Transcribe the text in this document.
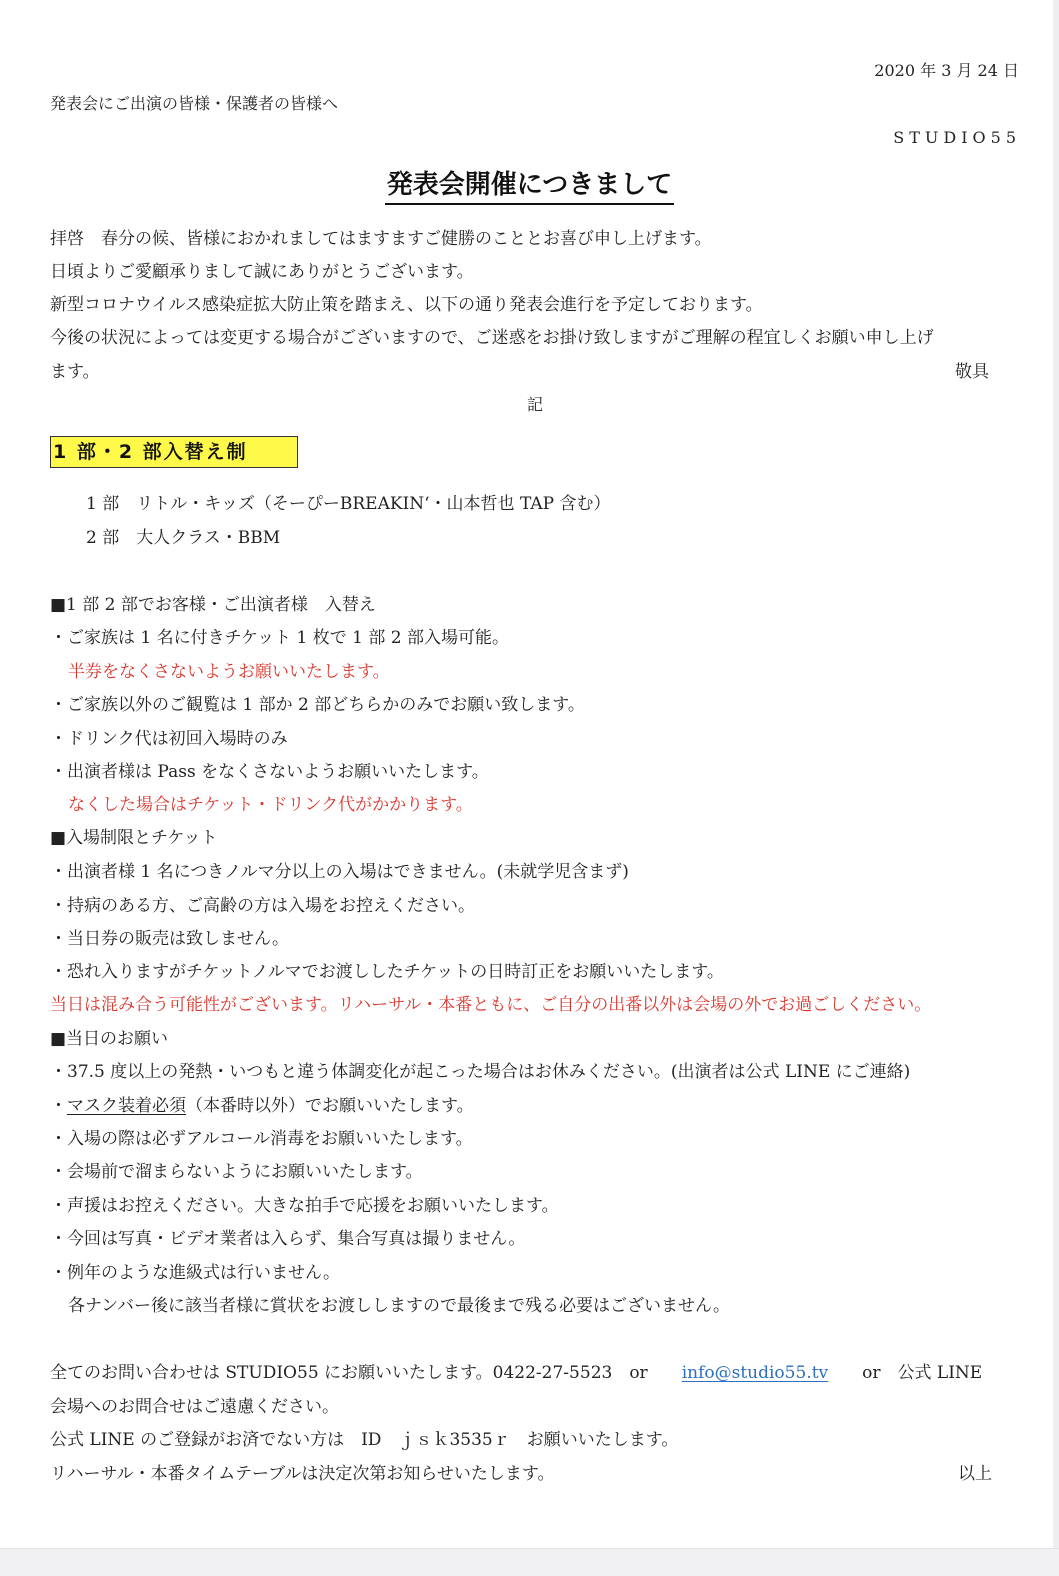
2020 年 3 月 24 日
発表会にご出演の皆様・保護者の皆様へ
STUDIO55
発表会開催につきまして
拝啓　春分の候、皆様におかれましてはますますご健勝のこととお喜び申し上げます。
日頃よりご愛顧承りまして誠にありがとうございます。
新型コロナウイルス感染症拡大防止策を踏まえ、以下の通り発表会進行を予定しております。
今後の状況によっては変更する場合がございますので、ご迷惑をお掛け致しますがご理解の程宜しくお願い申し上げ
ます。	敬具
記
1 部・2 部入替え制
1 部　リトル・キッズ（そーぴーBREAKIN‘・山本哲也 TAP 含む）
2 部　大人クラス・BBM
■1 部 2 部でお客様・ご出演者様　入替え
・ご家族は 1 名に付きチケット 1 枚で 1 部 2 部入場可能。
半券をなくさないようお願いいたします。
・ご家族以外のご観覧は 1 部か 2 部どちらかのみでお願い致します。
・ドリンク代は初回入場時のみ
・出演者様は Pass をなくさないようお願いいたします。
なくした場合はチケット・ドリンク代がかかります。
■入場制限とチケット
・出演者様 1 名につきノルマ分以上の入場はできません。(未就学児含まず)
・持病のある方、ご高齢の方は入場をお控えください。
・当日券の販売は致しません。
・恐れ入りますがチケットノルマでお渡ししたチケットの日時訂正をお願いいたします。
当日は混み合う可能性がございます。リハーサル・本番ともに、ご自分の出番以外は会場の外でお過ごしください。
■当日のお願い
・37.5 度以上の発熱・いつもと違う体調変化が起こった場合はお休みください。(出演者は公式 LINE にご連絡)
・マスク装着必須（本番時以外）でお願いいたします。
・入場の際は必ずアルコール消毒をお願いいたします。
・会場前で溜まらないようにお願いいたします。
・声援はお控えください。大きな拍手で応援をお願いいたします。
・今回は写真・ビデオ業者は入らず、集合写真は撮りません。
・例年のような進級式は行いません。
各ナンバー後に該当者様に賞状をお渡ししますので最後まで残る必要はございません。
全てのお問い合わせは STUDIO55 にお願いいたします。0422-27-5523　or　　 info@studio55.tv　　 or　公式 LINE
会場へのお問合せはご遠慮ください。
公式 LINE のご登録がお済でない方は　ID　ｊｓｋ3535ｒ　お願いいたします。
リハーサル・本番タイムテーブルは決定次第お知らせいたします。	以上
